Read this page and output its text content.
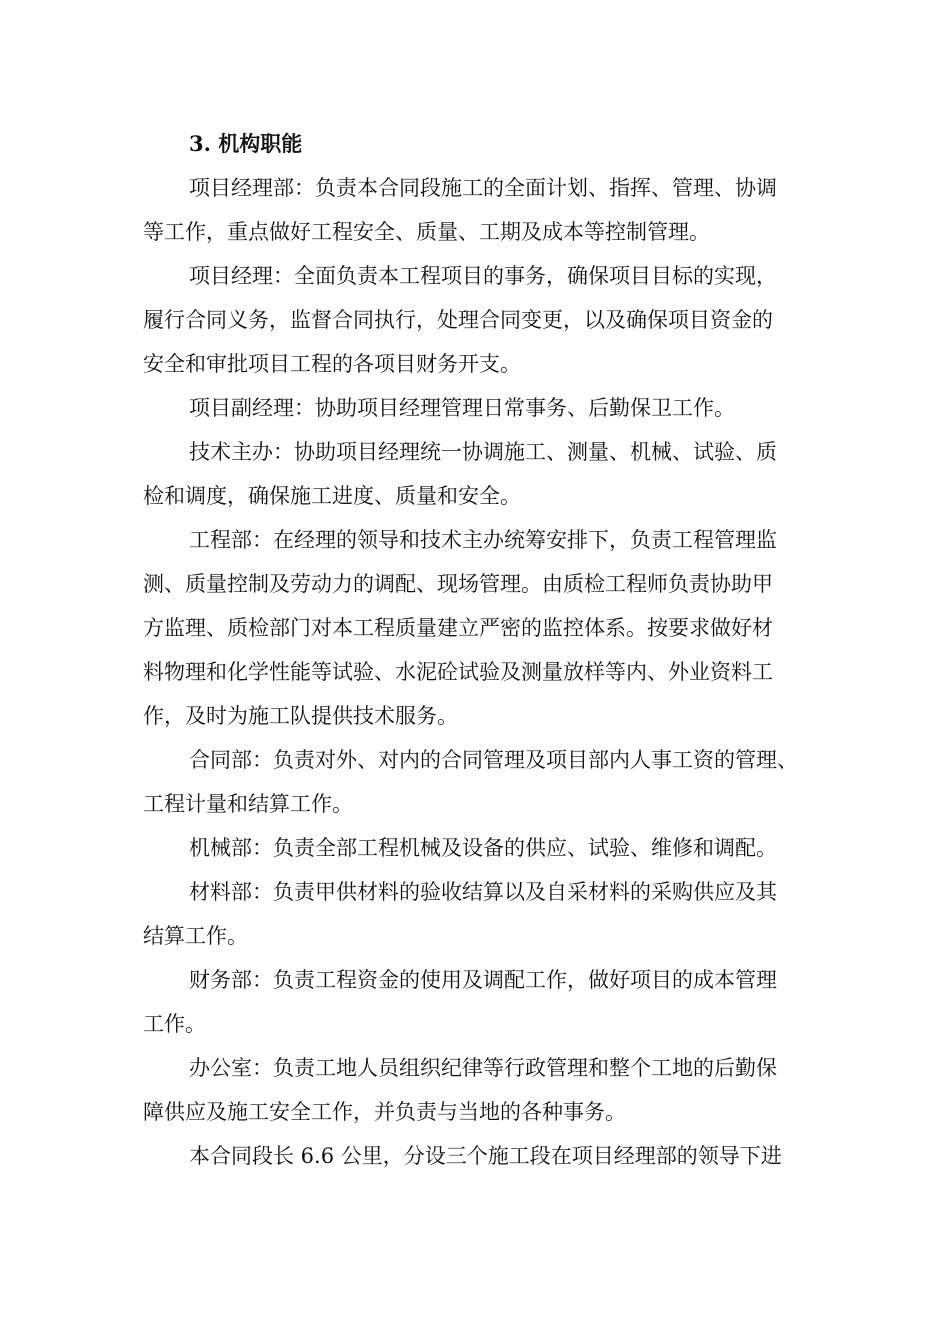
3. 机构职能

项目经理部：负责本合同段施工的全面计划、指挥、管理、协调
等工作，重点做好工程安全、质量、工期及成本等控制管理。

项目经理：全面负责本工程项目的事务，确保项目目标的实现，
履行合同义务，监督合同执行，处理合同变更，以及确保项目资金的
安全和审批项目工程的各项目财务开支。

项目副经理：协助项目经理管理日常事务、后勤保卫工作。

技术主办：协助项目经理统一协调施工、测量、机械、试验、质
检和调度，确保施工进度、质量和安全。

工程部：在经理的领导和技术主办统筹安排下，负责工程管理监
测、质量控制及劳动力的调配、现场管理。由质检工程师负责协助甲
方监理、质检部门对本工程质量建立严密的监控体系。按要求做好材
料物理和化学性能等试验、水泥砼试验及测量放样等内、外业资料工
作，及时为施工队提供技术服务。

合同部：负责对外、对内的合同管理及项目部内人事工资的管理、
工程计量和结算工作。

机械部：负责全部工程机械及设备的供应、试验、维修和调配。

材料部：负责甲供材料的验收结算以及自采材料的采购供应及其
结算工作。

财务部：负责工程资金的使用及调配工作，做好项目的成本管理
工作。

办公室：负责工地人员组织纪律等行政管理和整个工地的后勤保
障供应及施工安全工作，并负责与当地的各种事务。

本合同段长 6.6 公里，分设三个施工段在项目经理部的领导下进
